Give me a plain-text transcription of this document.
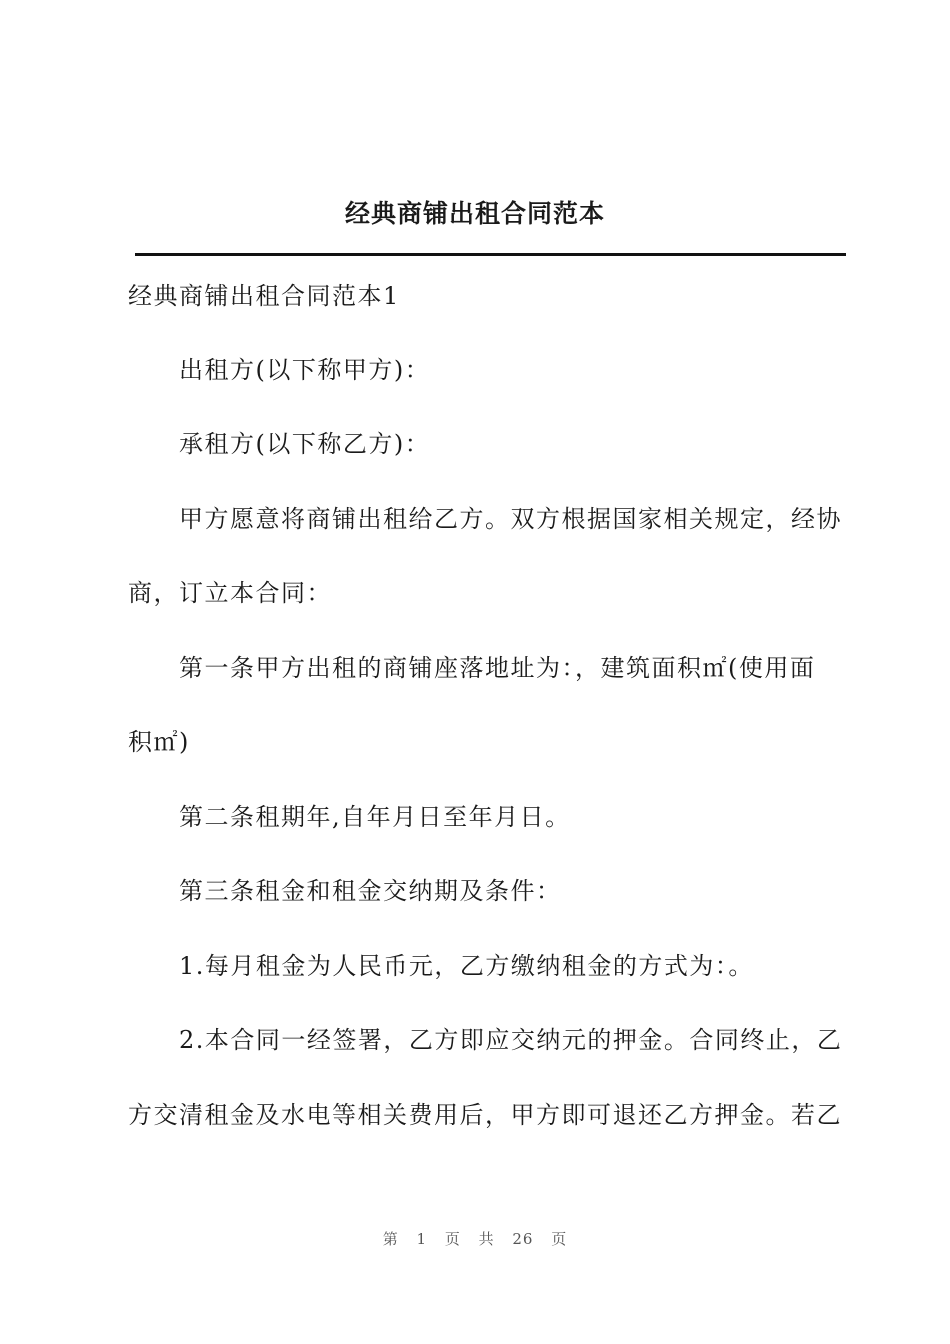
经典商铺出租合同范本
经典商铺出租合同范本1
出租方(以下称甲方)：
承租方(以下称乙方)：
甲方愿意将商铺出租给乙方。双方根据国家相关规定，经协
商，订立本合同：
第一条甲方出租的商铺座落地址为：，建筑面积㎡(使用面
积㎡)
第二条租期年,自年月日至年月日。
第三条租金和租金交纳期及条件：
1.每月租金为人民币元，乙方缴纳租金的方式为：。
2.本合同一经签署，乙方即应交纳元的押金。合同终止，乙
方交清租金及水电等相关费用后，甲方即可退还乙方押金。若乙
第 1 页 共 26 页
